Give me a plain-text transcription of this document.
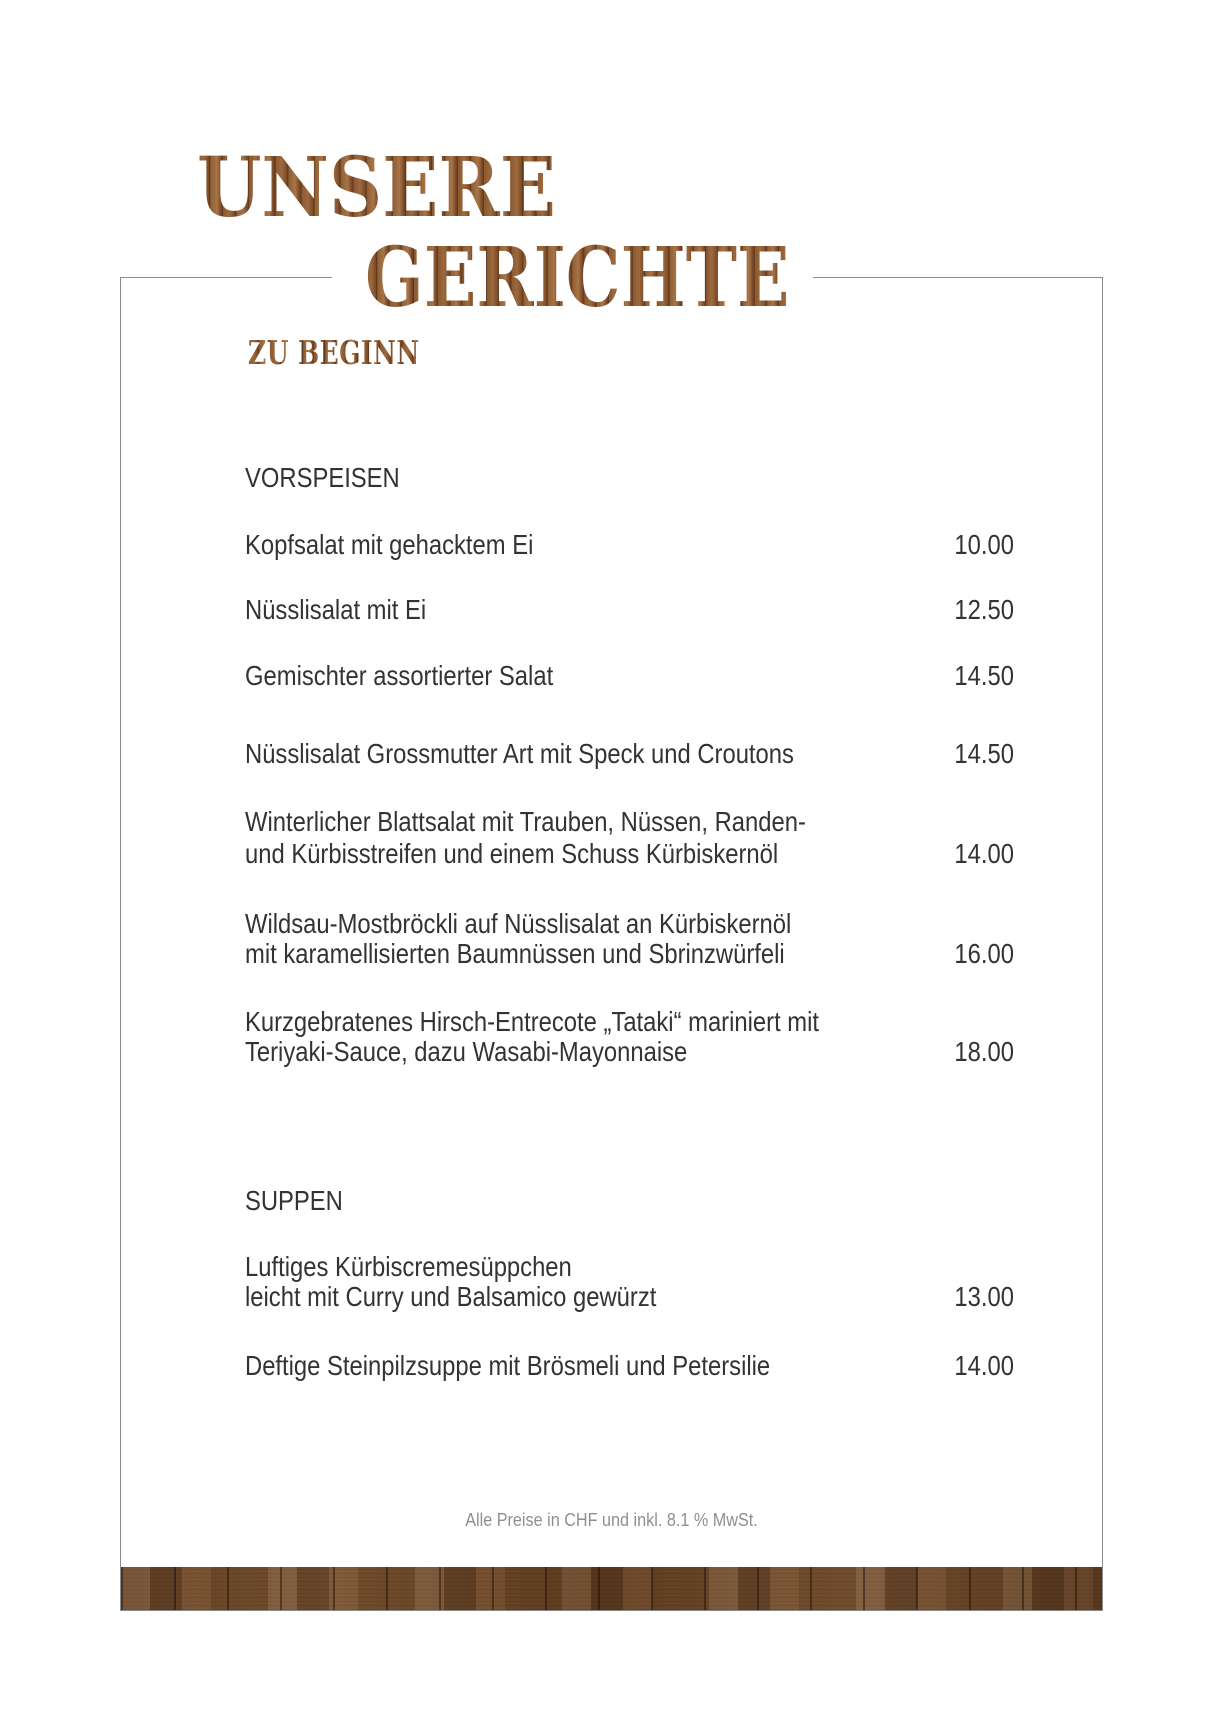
UNSERE
GERICHTE
ZU BEGINN
VORSPEISEN
Kopfsalat mit gehacktem Ei	10.00
Nüsslisalat mit Ei	12.50
Gemischter assortierter Salat	14.50
Nüsslisalat Grossmutter Art mit Speck und Croutons	14.50
Winterlicher Blattsalat mit Trauben, Nüssen, Randen-
und Kürbisstreifen und einem Schuss Kürbiskernöl	14.00
Wildsau-Mostbröckli auf Nüsslisalat an Kürbiskernöl
mit karamellisierten Baumnüssen und Sbrinzwürfeli	16.00
Kurzgebratenes Hirsch-Entrecote „Tataki“ mariniert mit
Teriyaki-Sauce, dazu Wasabi-Mayonnaise	18.00
SUPPEN
Luftiges Kürbiscremesüppchen
leicht mit Curry und Balsamico gewürzt	13.00
Deftige Steinpilzsuppe mit Brösmeli und Petersilie	14.00
Alle Preise in CHF und inkl. 8.1 % MwSt.
